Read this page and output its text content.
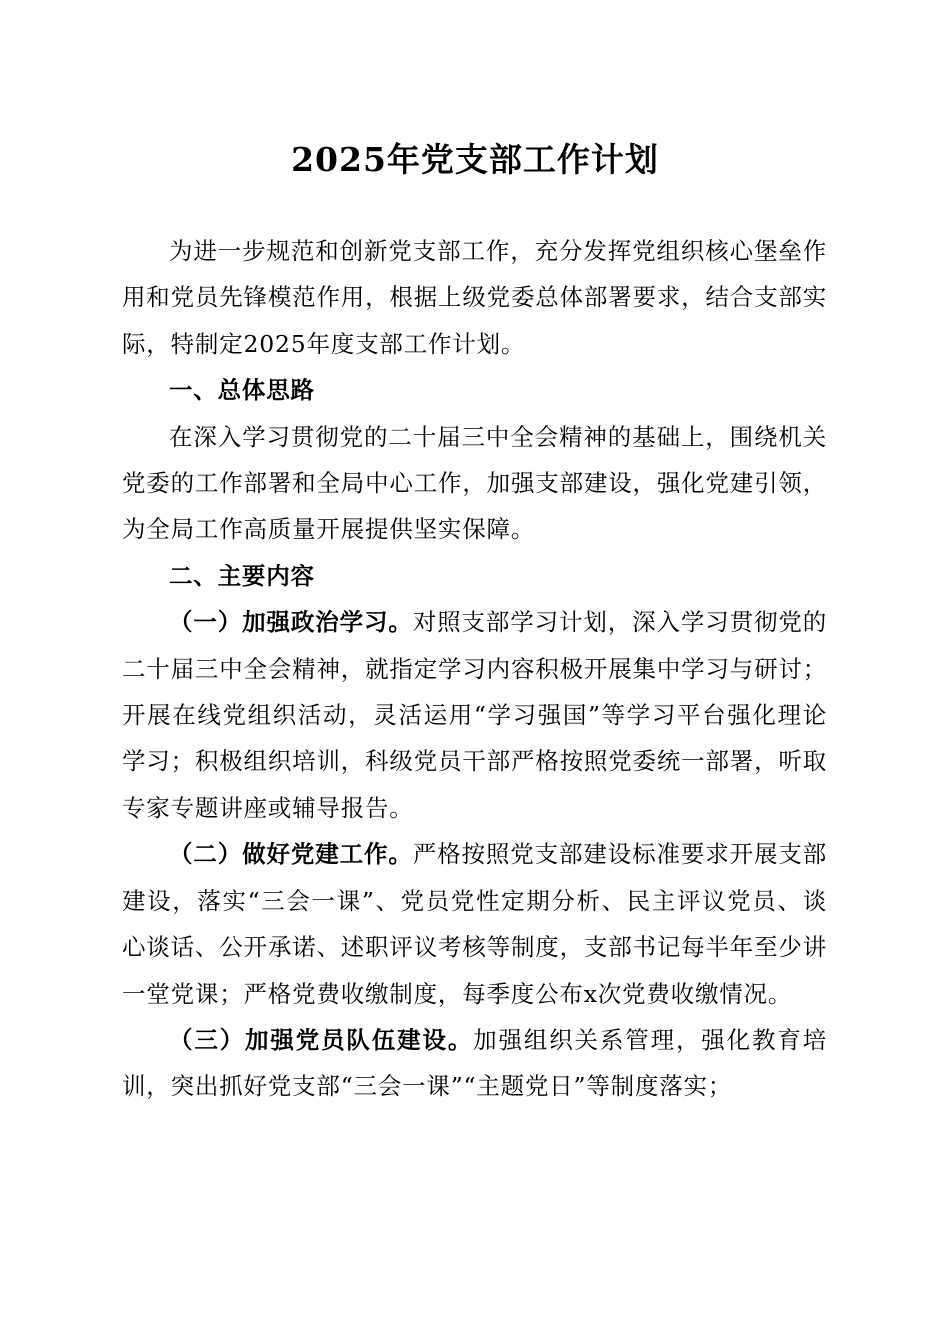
2025年党支部工作计划

为进一步规范和创新党支部工作，充分发挥党组织核心堡垒作用和党员先锋模范作用，根据上级党委总体部署要求，结合支部实际，特制定2025年度支部工作计划。

一、总体思路

在深入学习贯彻党的二十届三中全会精神的基础上，围绕机关党委的工作部署和全局中心工作，加强支部建设，强化党建引领，为全局工作高质量开展提供坚实保障。

二、主要内容

（一）加强政治学习。对照支部学习计划，深入学习贯彻党的二十届三中全会精神，就指定学习内容积极开展集中学习与研讨；开展在线党组织活动，灵活运用“学习强国”等学习平台强化理论学习；积极组织培训，科级党员干部严格按照党委统一部署，听取专家专题讲座或辅导报告。

（二）做好党建工作。严格按照党支部建设标准要求开展支部建设，落实“三会一课”、党员党性定期分析、民主评议党员、谈心谈话、公开承诺、述职评议考核等制度，支部书记每半年至少讲一堂党课；严格党费收缴制度，每季度公布x次党费收缴情况。

（三）加强党员队伍建设。加强组织关系管理，强化教育培训，突出抓好党支部“三会一课”“主题党日”等制度落实；
